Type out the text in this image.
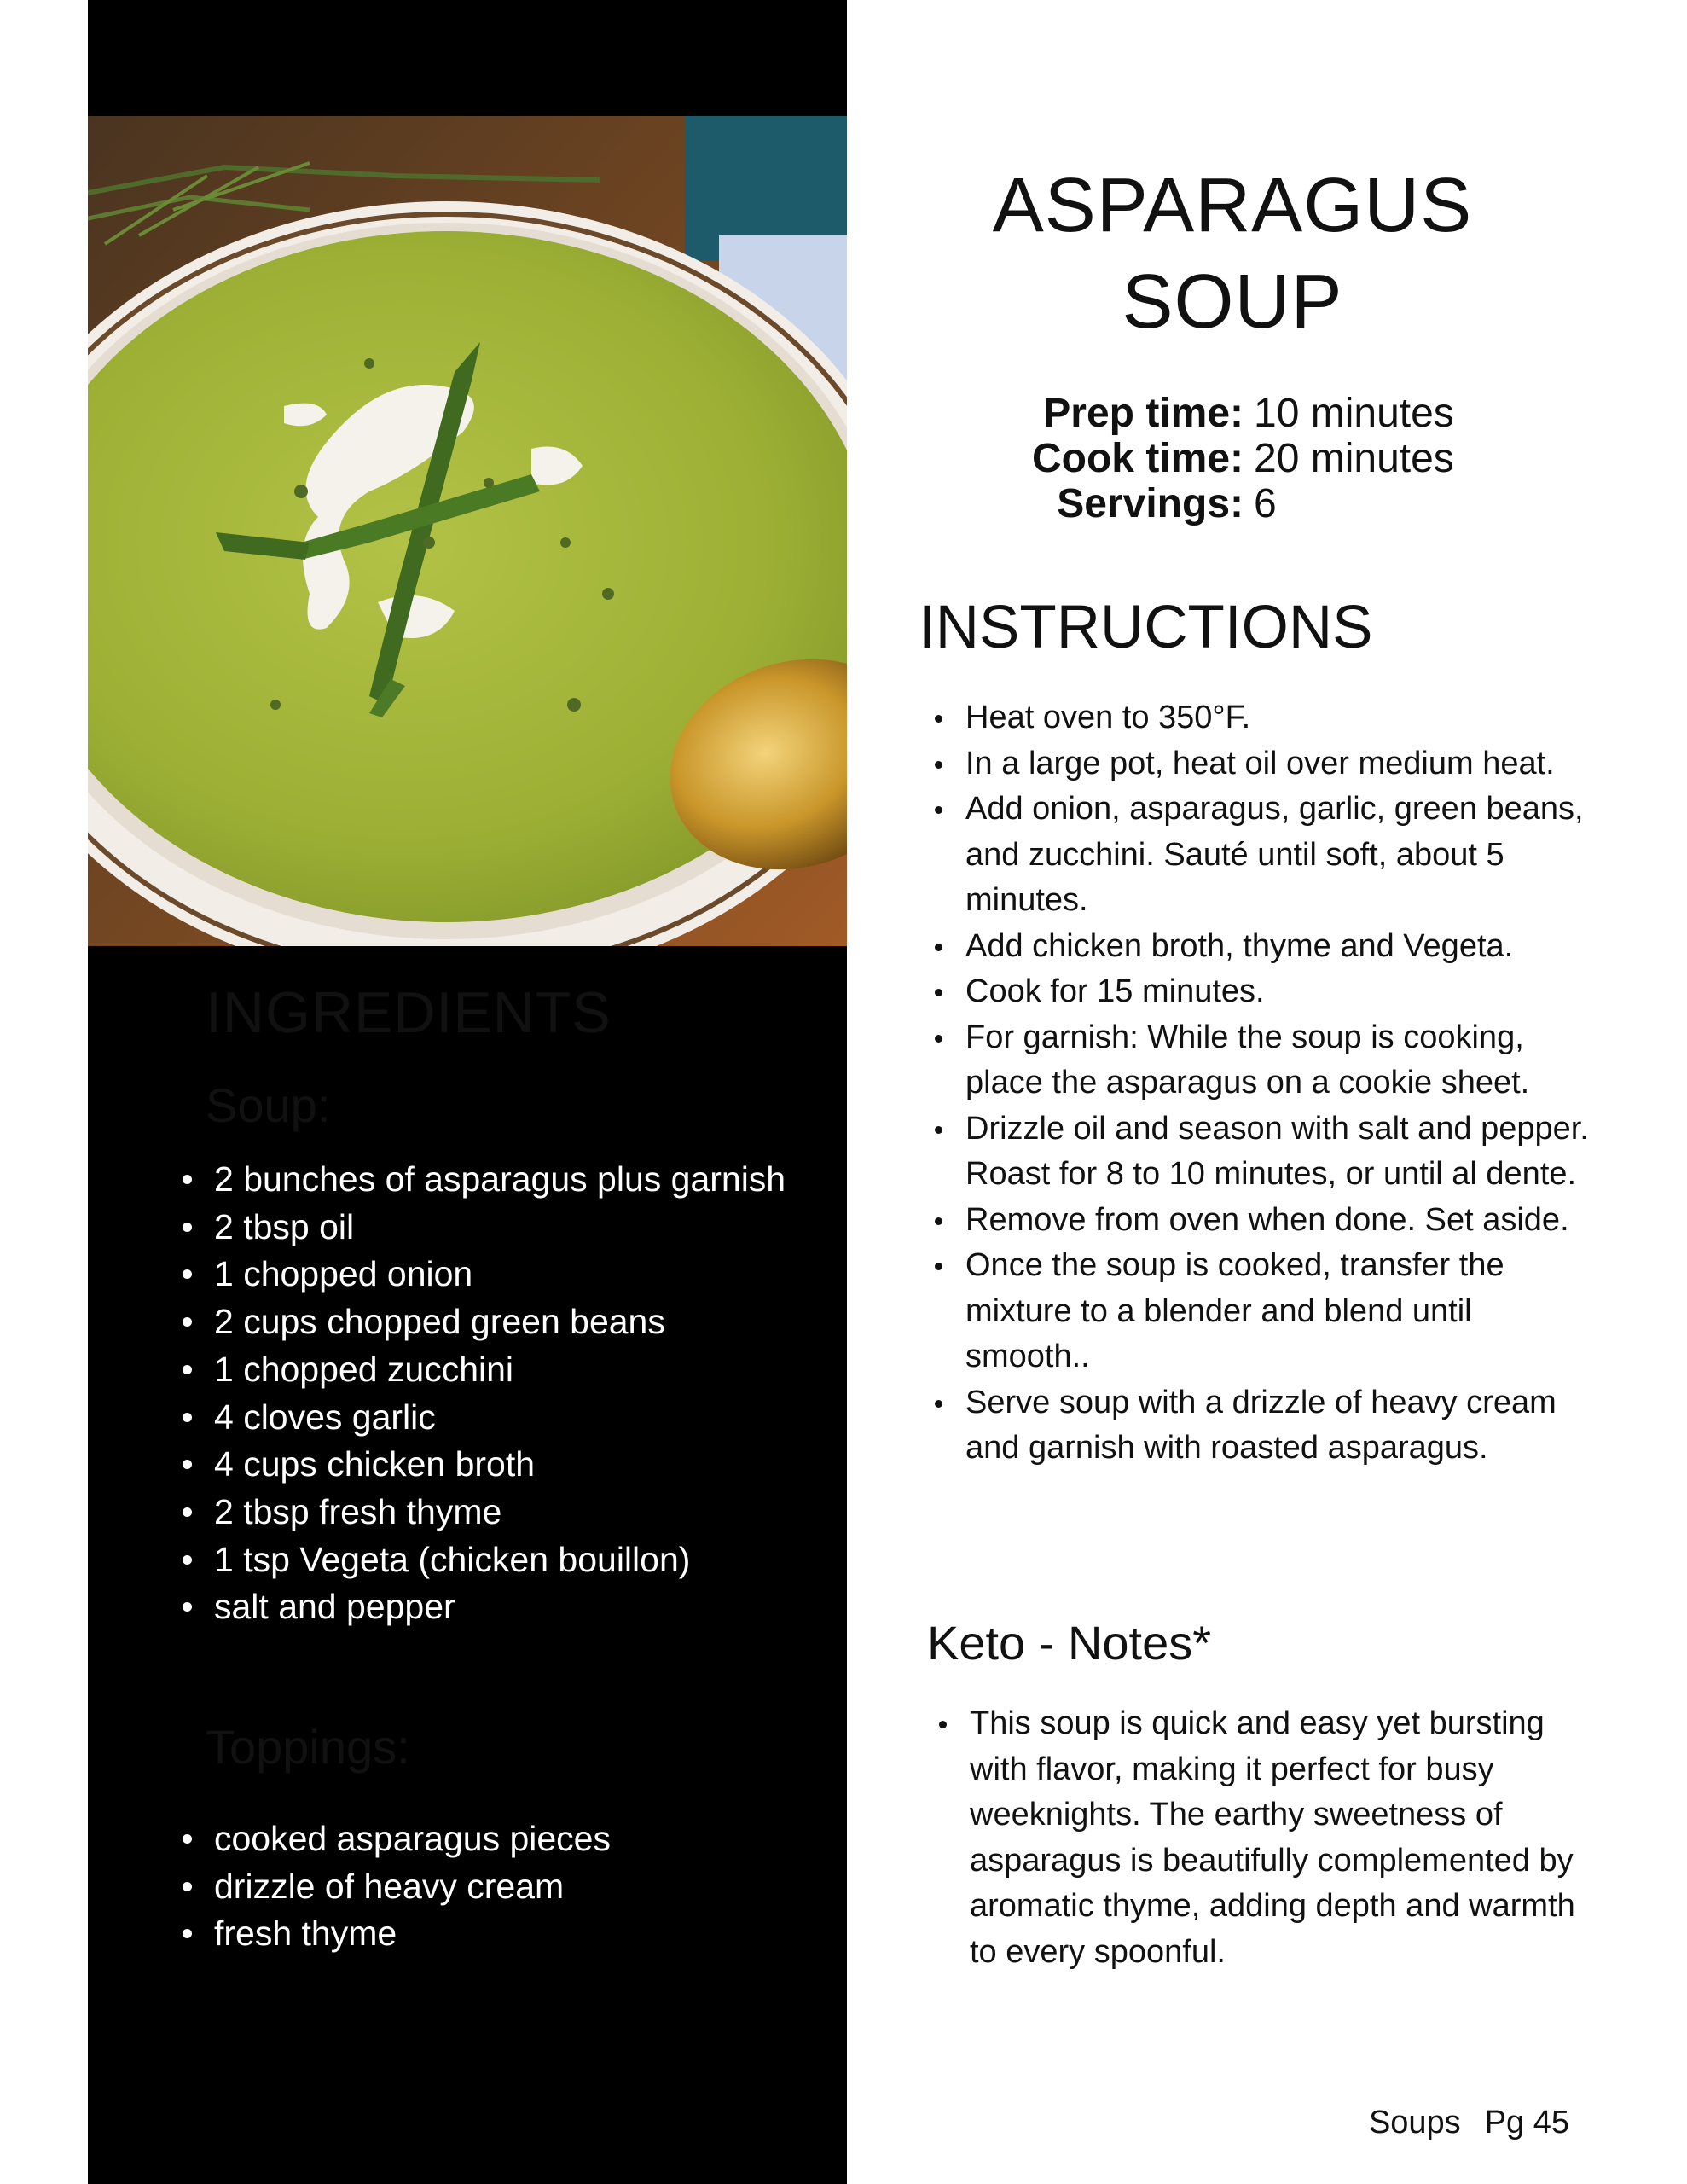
INGREDIENTS
Soup:
2 bunches of asparagus plus garnish
2 tbsp oil
1 chopped onion
2 cups chopped green beans
1 chopped zucchini
4 cloves garlic
4 cups chicken broth
2 tbsp fresh thyme
1 tsp Vegeta (chicken bouillon)
salt and pepper
Toppings:
cooked asparagus pieces
drizzle of heavy cream
fresh thyme
ASPARAGUS
SOUP
Prep time: 10 minutes
Cook time: 20 minutes
Servings: 6
INSTRUCTIONS
Heat oven to 350°F.
In a large pot, heat oil over medium heat.
Add onion, asparagus, garlic, green beans, and zucchini. Sauté until soft, about 5 minutes.
Add chicken broth, thyme and Vegeta.
Cook for 15 minutes.
For garnish: While the soup is cooking, place the asparagus on a cookie sheet.
Drizzle oil and season with salt and pepper. Roast for 8 to 10 minutes, or until al dente.
Remove from oven when done. Set aside.
Once the soup is cooked, transfer the mixture to a blender and blend until smooth..
Serve soup with a drizzle of heavy cream and garnish with roasted asparagus.
Keto - Notes*
This soup is quick and easy yet bursting with flavor, making it perfect for busy weeknights. The earthy sweetness of asparagus is beautifully complemented by aromatic thyme, adding depth and warmth to every spoonful.
Soups Pg 45
